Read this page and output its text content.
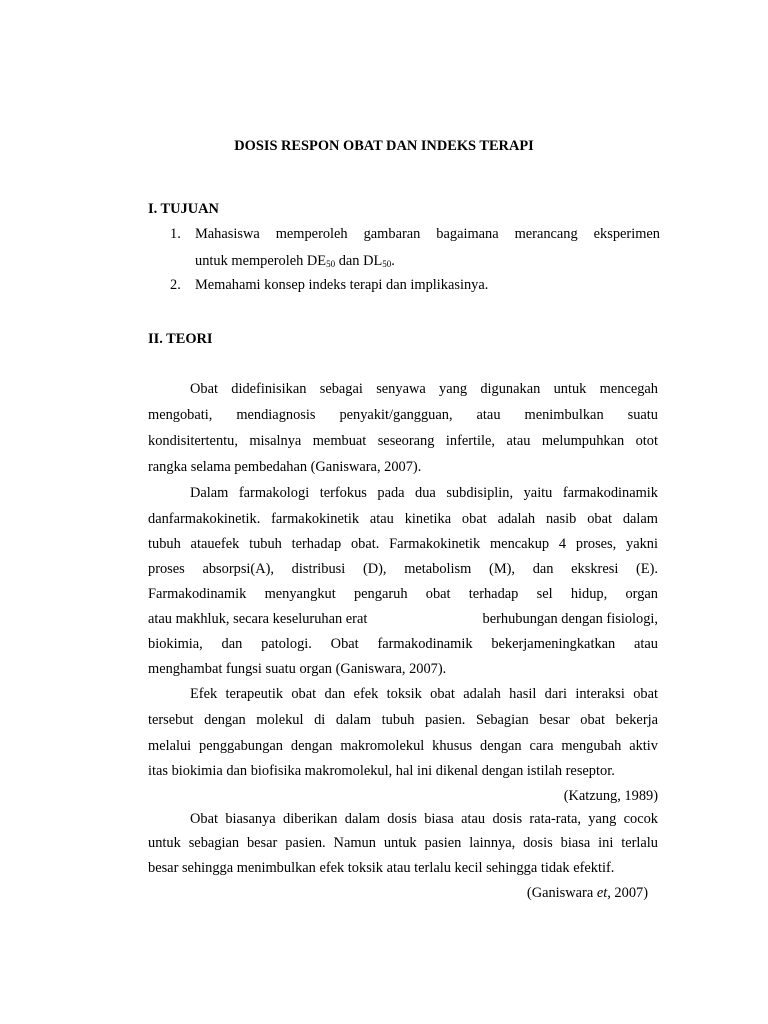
DOSIS RESPON OBAT DAN INDEKS TERAPI
I. TUJUAN
1. Mahasiswa memperoleh gambaran bagaimana merancang eksperimen
untuk memperoleh $DE_{50}$ dan $DL_{50}$.
2. Memahami konsep indeks terapi dan implikasinya.
II. TEORI
Obat didefinisikan sebagai senyawa yang digunakan untuk mencegah
mengobati, mendiagnosis penyakit/gangguan, atau menimbulkan suatu
kondisitertentu, misalnya membuat seseorang infertile, atau melumpuhkan otot
rangka selama pembedahan (Ganiswara, 2007).
Dalam farmakologi terfokus pada dua subdisiplin, yaitu farmakodinamik
danfarmakokinetik. farmakokinetik atau kinetika obat adalah nasib obat dalam
tubuh atauefek tubuh terhadap obat. Farmakokinetik mencakup 4 proses, yakni
proses absorpsi(A), distribusi (D), metabolism (M), dan ekskresi (E).
Farmakodinamik menyangkut pengaruh obat terhadap sel hidup, organ
atau makhluk, secara keseluruhan erat	berhubungan dengan fisiologi,
biokimia, dan patologi. Obat farmakodinamik bekerjameningkatkan atau
menghambat fungsi suatu organ (Ganiswara, 2007).
Efek terapeutik obat dan efek toksik obat adalah hasil dari interaksi obat
tersebut dengan molekul di dalam tubuh pasien. Sebagian besar obat bekerja
melalui penggabungan dengan makromolekul khusus dengan cara mengubah aktiv
itas biokimia dan biofisika makromolekul, hal ini dikenal dengan istilah reseptor.
(Katzung, 1989)
Obat biasanya diberikan dalam dosis biasa atau dosis rata-rata, yang cocok
untuk sebagian besar pasien. Namun untuk pasien lainnya, dosis biasa ini terlalu
besar sehingga menimbulkan efek toksik atau terlalu kecil sehingga tidak efektif.
(Ganiswara et, 2007)
